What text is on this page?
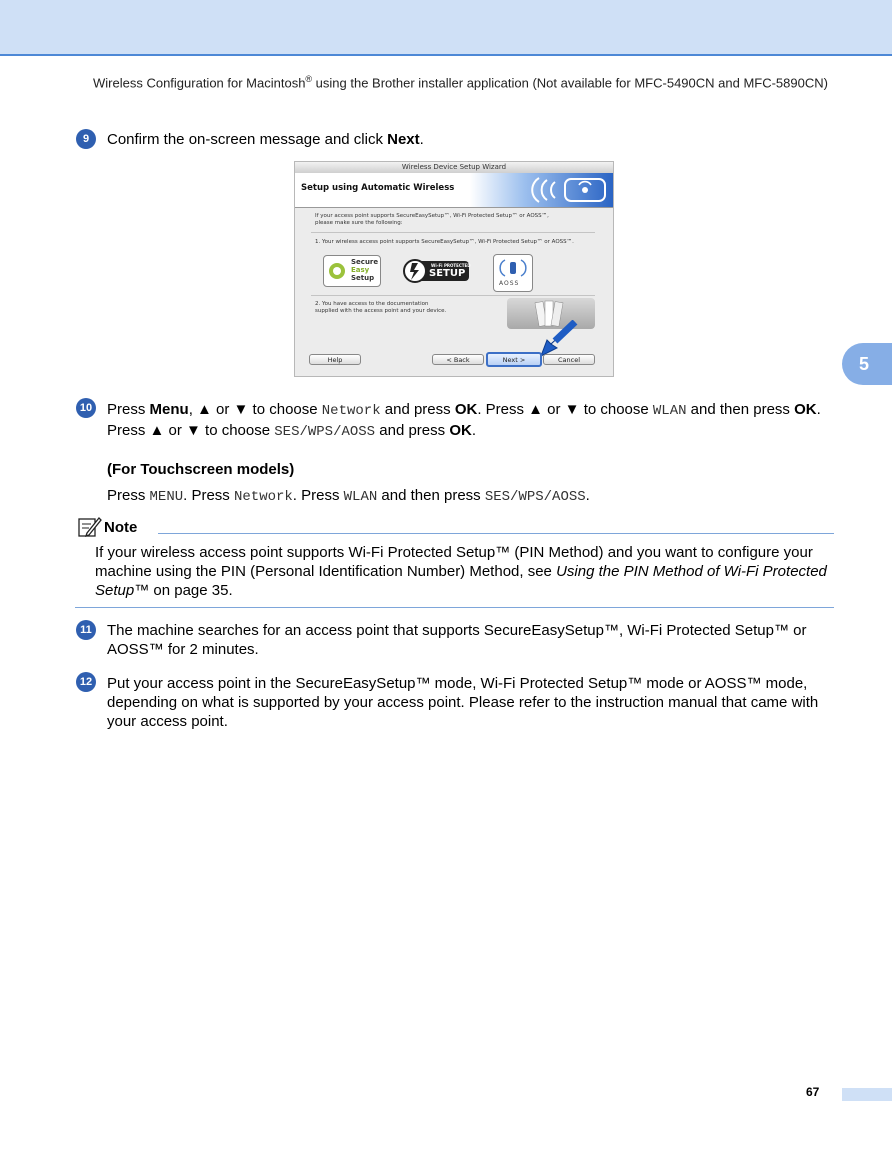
Wireless Configuration for Macintosh® using the Brother installer application (Not available for MFC-5490CN and MFC-5890CN)
5
9	Confirm the on-screen message and click Next.
Wireless Device Setup Wizard
Setup using Automatic Wireless
If your access point supports SecureEasySetup™, Wi-Fi Protected Setup™ or AOSS™,
please make sure the following:
1. Your wireless access point supports SecureEasySetup™, Wi-Fi Protected Setup™ or AOSS™.
Secure
Easy
Setup
Wi-Fi PROTECTED
SETUP
AOSS
2. You have access to the documentation
supplied with the access point and your device.
Help	< Back	Next >	Cancel
10 Press Menu, ▲ or ▼ to choose Network and press OK. Press ▲ or ▼ to choose WLAN and then press OK.
Press ▲ or ▼ to choose SES/WPS/AOSS and press OK.
(For Touchscreen models)
Press MENU. Press Network. Press WLAN and then press SES/WPS/AOSS.
Note
If your wireless access point supports Wi-Fi Protected Setup™ (PIN Method) and you want to configure your machine using the PIN (Personal Identification Number) Method, see Using the PIN Method of Wi-Fi Protected Setup™ on page 35.
11 The machine searches for an access point that supports SecureEasySetup™, Wi-Fi Protected Setup™ or AOSS™ for 2 minutes.
12 Put your access point in the SecureEasySetup™ mode, Wi-Fi Protected Setup™ mode or AOSS™ mode, depending on what is supported by your access point. Please refer to the instruction manual that came with your access point.
67
